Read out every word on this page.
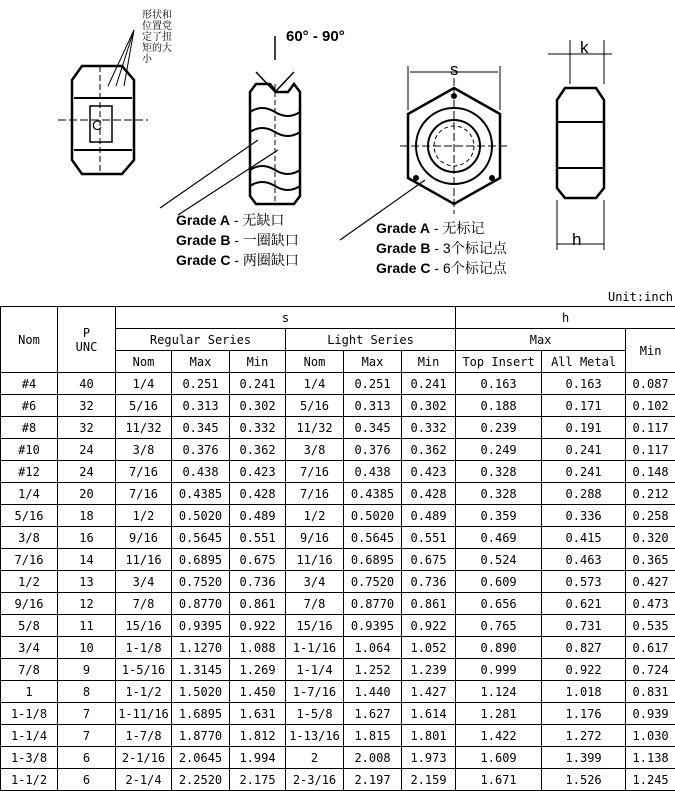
C
形状和
位置党
定了扭
矩的大
小
60° - 90°
s
k
h
Grade A - 无缺口
Grade B - 一圈缺口
Grade C - 两圈缺口
Grade A - 无标记
Grade B - 3个标记点
Grade C - 6个标记点
Unit:inch
Nom	P
UNC	s						h		
		Regular Series			Light Series			Max		Min
		Nom	Max	Min	Nom	Max	Min	Top Insert	All Metal	
#4	40	1/4	0.251	0.241	1/4	0.251	0.241	0.163	0.163	0.087
#6	32	5/16	0.313	0.302	5/16	0.313	0.302	0.188	0.171	0.102
#8	32	11/32	0.345	0.332	11/32	0.345	0.332	0.239	0.191	0.117
#10	24	3/8	0.376	0.362	3/8	0.376	0.362	0.249	0.241	0.117
#12	24	7/16	0.438	0.423	7/16	0.438	0.423	0.328	0.241	0.148
1/4	20	7/16	0.4385	0.428	7/16	0.4385	0.428	0.328	0.288	0.212
5/16	18	1/2	0.5020	0.489	1/2	0.5020	0.489	0.359	0.336	0.258
3/8	16	9/16	0.5645	0.551	9/16	0.5645	0.551	0.469	0.415	0.320
7/16	14	11/16	0.6895	0.675	11/16	0.6895	0.675	0.524	0.463	0.365
1/2	13	3/4	0.7520	0.736	3/4	0.7520	0.736	0.609	0.573	0.427
9/16	12	7/8	0.8770	0.861	7/8	0.8770	0.861	0.656	0.621	0.473
5/8	11	15/16	0.9395	0.922	15/16	0.9395	0.922	0.765	0.731	0.535
3/4	10	1-1/8	1.1270	1.088	1-1/16	1.064	1.052	0.890	0.827	0.617
7/8	9	1-5/16	1.3145	1.269	1-1/4	1.252	1.239	0.999	0.922	0.724
1	8	1-1/2	1.5020	1.450	1-7/16	1.440	1.427	1.124	1.018	0.831
1-1/8	7	1-11/16	1.6895	1.631	1-5/8	1.627	1.614	1.281	1.176	0.939
1-1/4	7	1-7/8	1.8770	1.812	1-13/16	1.815	1.801	1.422	1.272	1.030
1-3/8	6	2-1/16	2.0645	1.994	2	2.008	1.973	1.609	1.399	1.138
1-1/2	6	2-1/4	2.2520	2.175	2-3/16	2.197	2.159	1.671	1.526	1.245
